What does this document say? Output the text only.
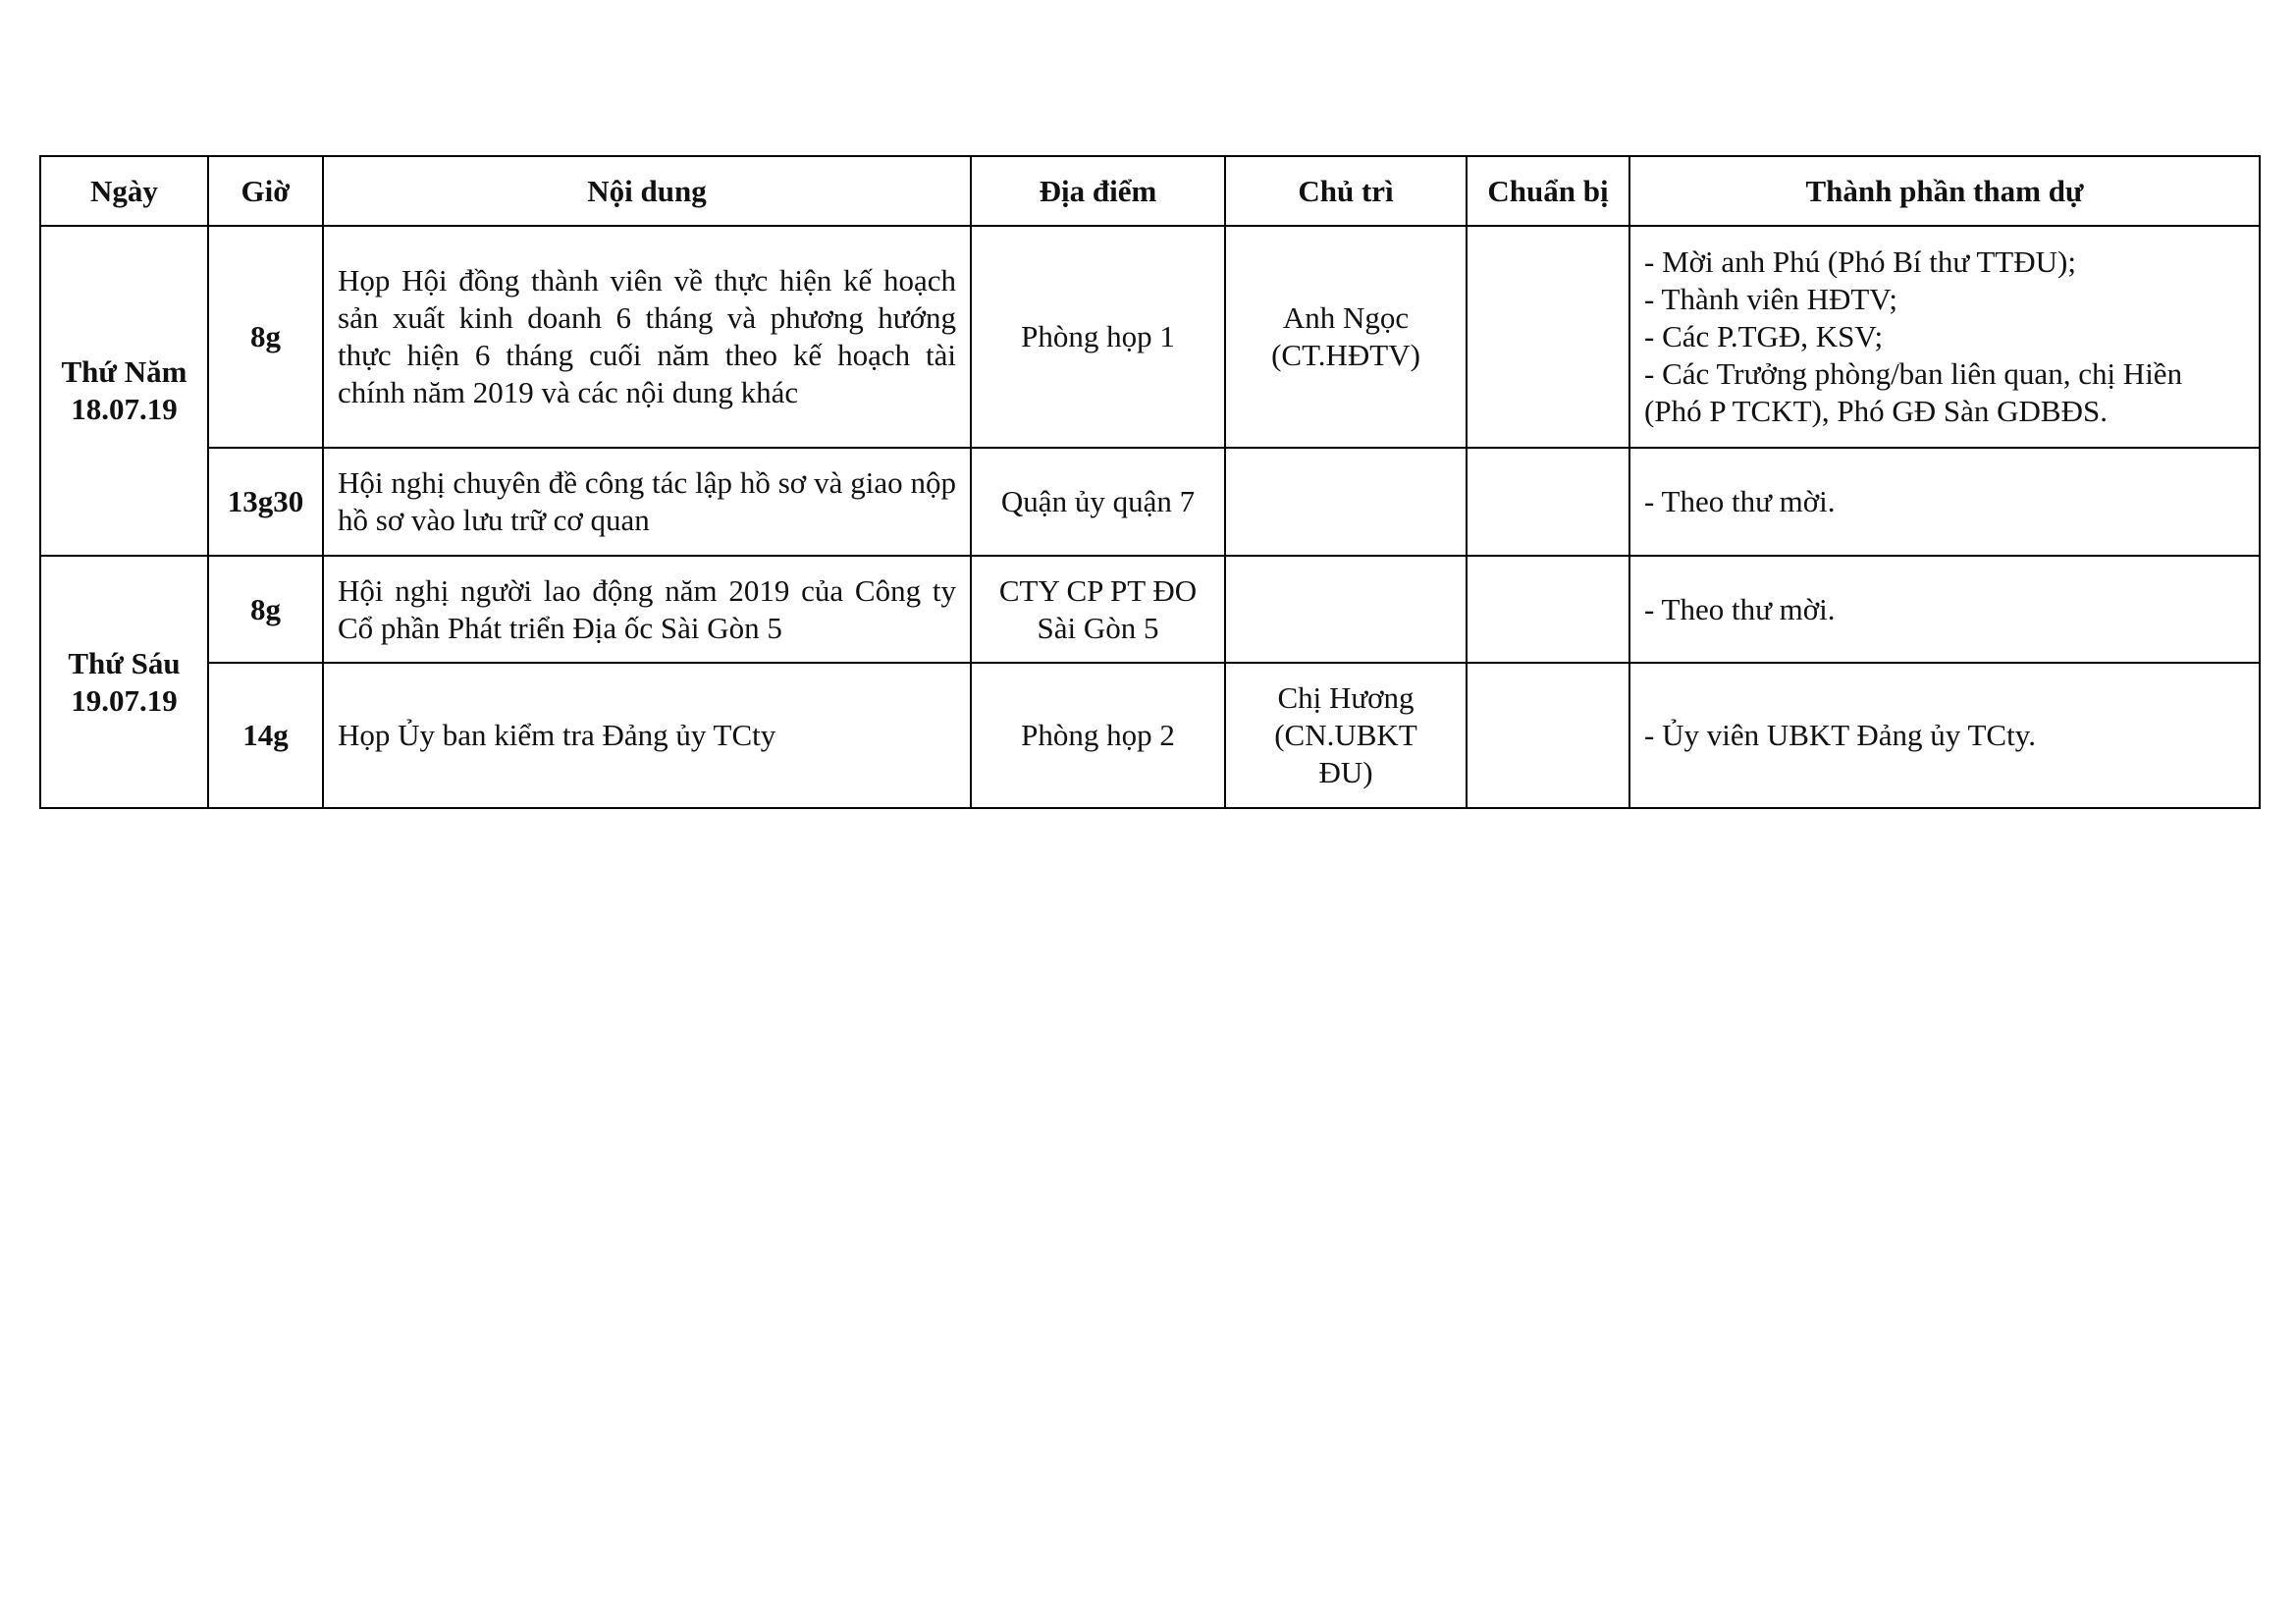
Ngày	Giờ	Nội dung	Địa điểm	Chủ trì	Chuẩn bị	Thành phần tham dự

Thứ Năm
18.07.19	8g	Họp Hội đồng thành viên về thực hiện kế hoạch sản xuất kinh doanh 6 tháng và phương hướng thực hiện 6 tháng cuối năm theo kế hoạch tài chính năm 2019 và các nội dung khác	Phòng họp 1	Anh Ngọc
(CT.HĐTV)		- Mời anh Phú (Phó Bí thư TTĐU);
- Thành viên HĐTV;
- Các P.TGĐ, KSV;
- Các Trưởng phòng/ban liên quan, chị Hiền (Phó P TCKT), Phó GĐ Sàn GDBĐS.

	13g30	Hội nghị chuyên đề công tác lập hồ sơ và giao nộp hồ sơ vào lưu trữ cơ quan	Quận ủy quận 7			- Theo thư mời.

Thứ Sáu
19.07.19	8g	Hội nghị người lao động năm 2019 của Công ty Cổ phần Phát triển Địa ốc Sài Gòn 5	CTY CP PT ĐO Sài Gòn 5			- Theo thư mời.

	14g	Họp Ủy ban kiểm tra Đảng ủy TCty	Phòng họp 2	Chị Hương
(CN.UBKT
ĐU)		- Ủy viên UBKT Đảng ủy TCty.
